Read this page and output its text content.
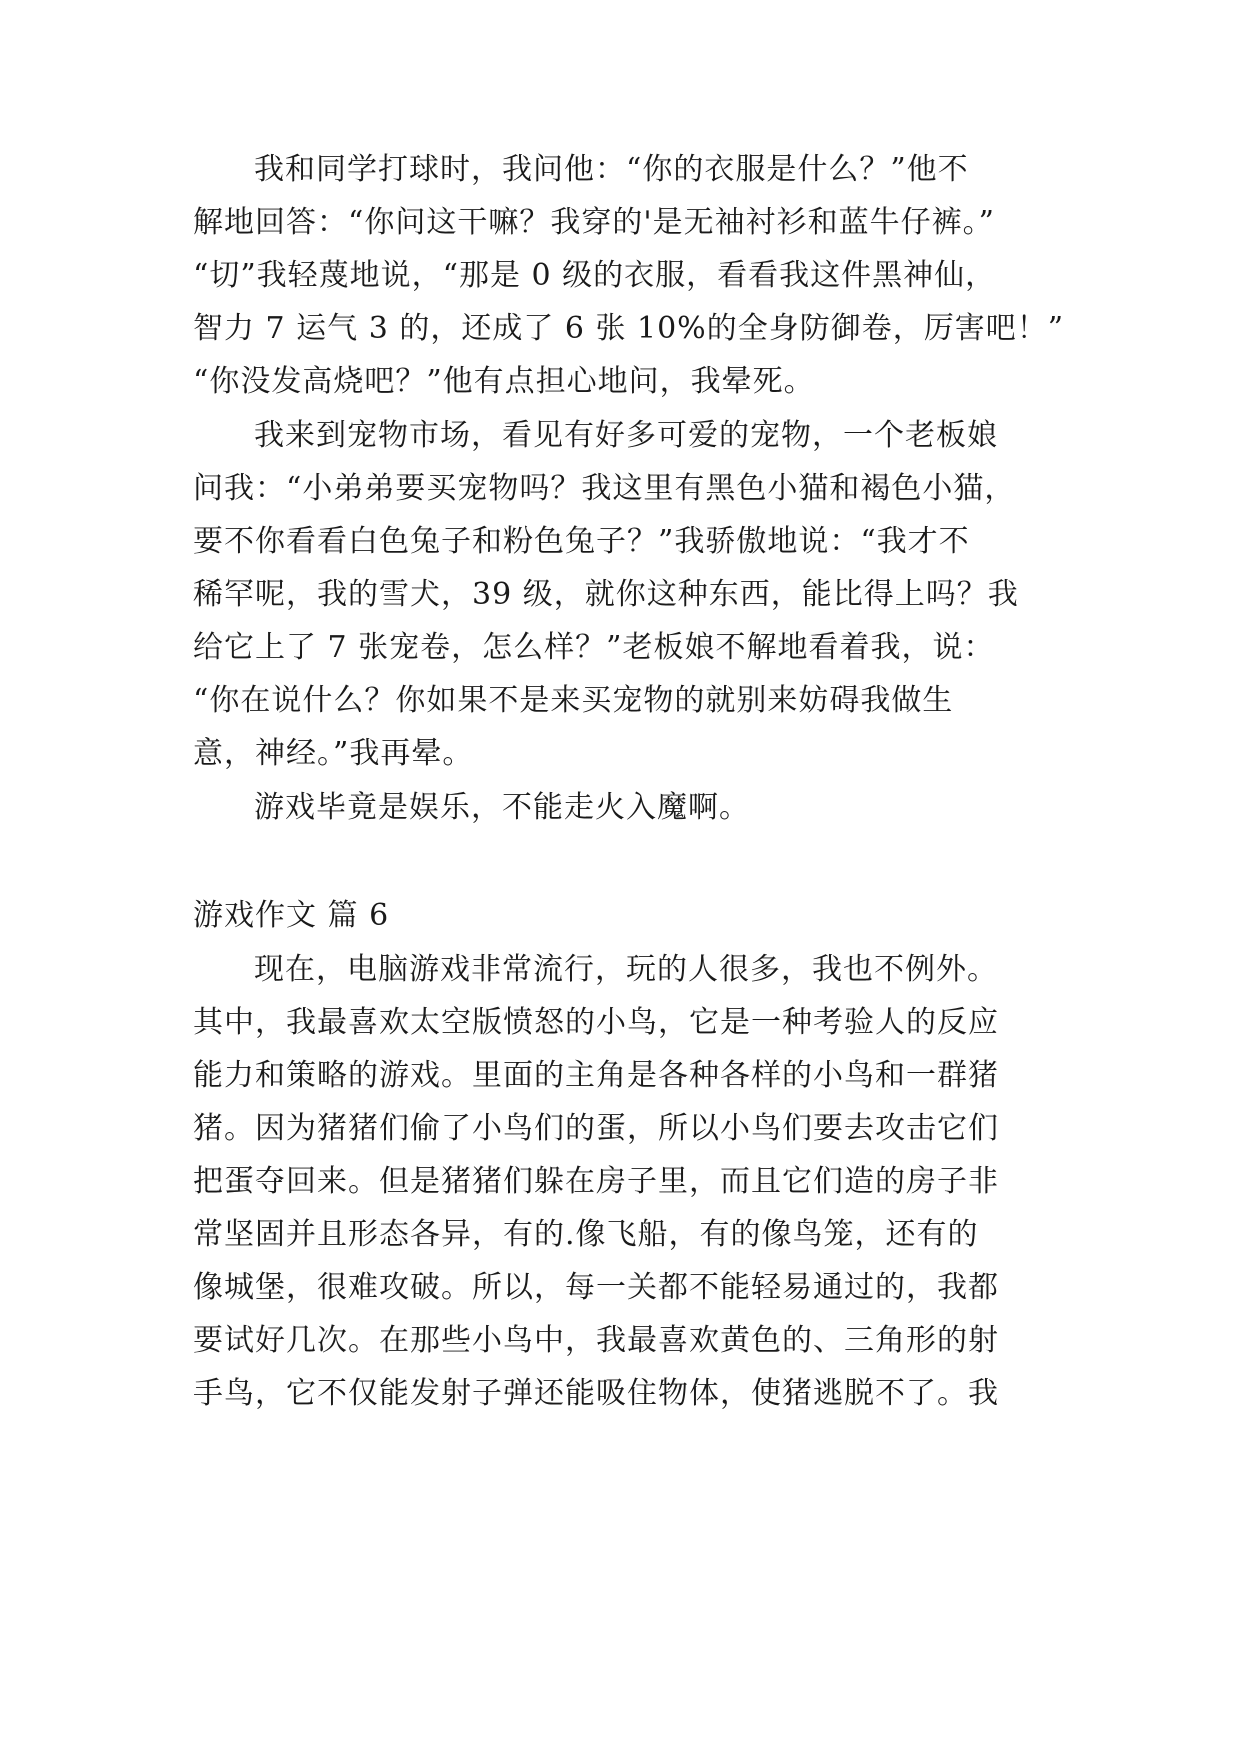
我和同学打球时，我问他：“你的衣服是什么？”他不
解地回答：“你问这干嘛？我穿的'是无袖衬衫和蓝牛仔裤。”
“切”我轻蔑地说，“那是 0 级的衣服，看看我这件黑神仙，
智力 7 运气 3 的，还成了 6 张 10%的全身防御卷，厉害吧！”
“你没发高烧吧？”他有点担心地问，我晕死。
我来到宠物市场，看见有好多可爱的宠物，一个老板娘
问我：“小弟弟要买宠物吗？我这里有黑色小猫和褐色小猫，
要不你看看白色兔子和粉色兔子？”我骄傲地说：“我才不
稀罕呢，我的雪犬，39 级，就你这种东西，能比得上吗？我
给它上了 7 张宠卷，怎么样？”老板娘不解地看着我，说：
“你在说什么？你如果不是来买宠物的就别来妨碍我做生
意，神经。”我再晕。
游戏毕竟是娱乐，不能走火入魔啊。
游戏作文 篇 6
现在，电脑游戏非常流行，玩的人很多，我也不例外。
其中，我最喜欢太空版愤怒的小鸟，它是一种考验人的反应
能力和策略的游戏。里面的主角是各种各样的小鸟和一群猪
猪。因为猪猪们偷了小鸟们的蛋，所以小鸟们要去攻击它们
把蛋夺回来。但是猪猪们躲在房子里，而且它们造的房子非
常坚固并且形态各异，有的.像飞船，有的像鸟笼，还有的
像城堡，很难攻破。所以，每一关都不能轻易通过的，我都
要试好几次。在那些小鸟中，我最喜欢黄色的、三角形的射
手鸟，它不仅能发射子弹还能吸住物体，使猪逃脱不了。我
